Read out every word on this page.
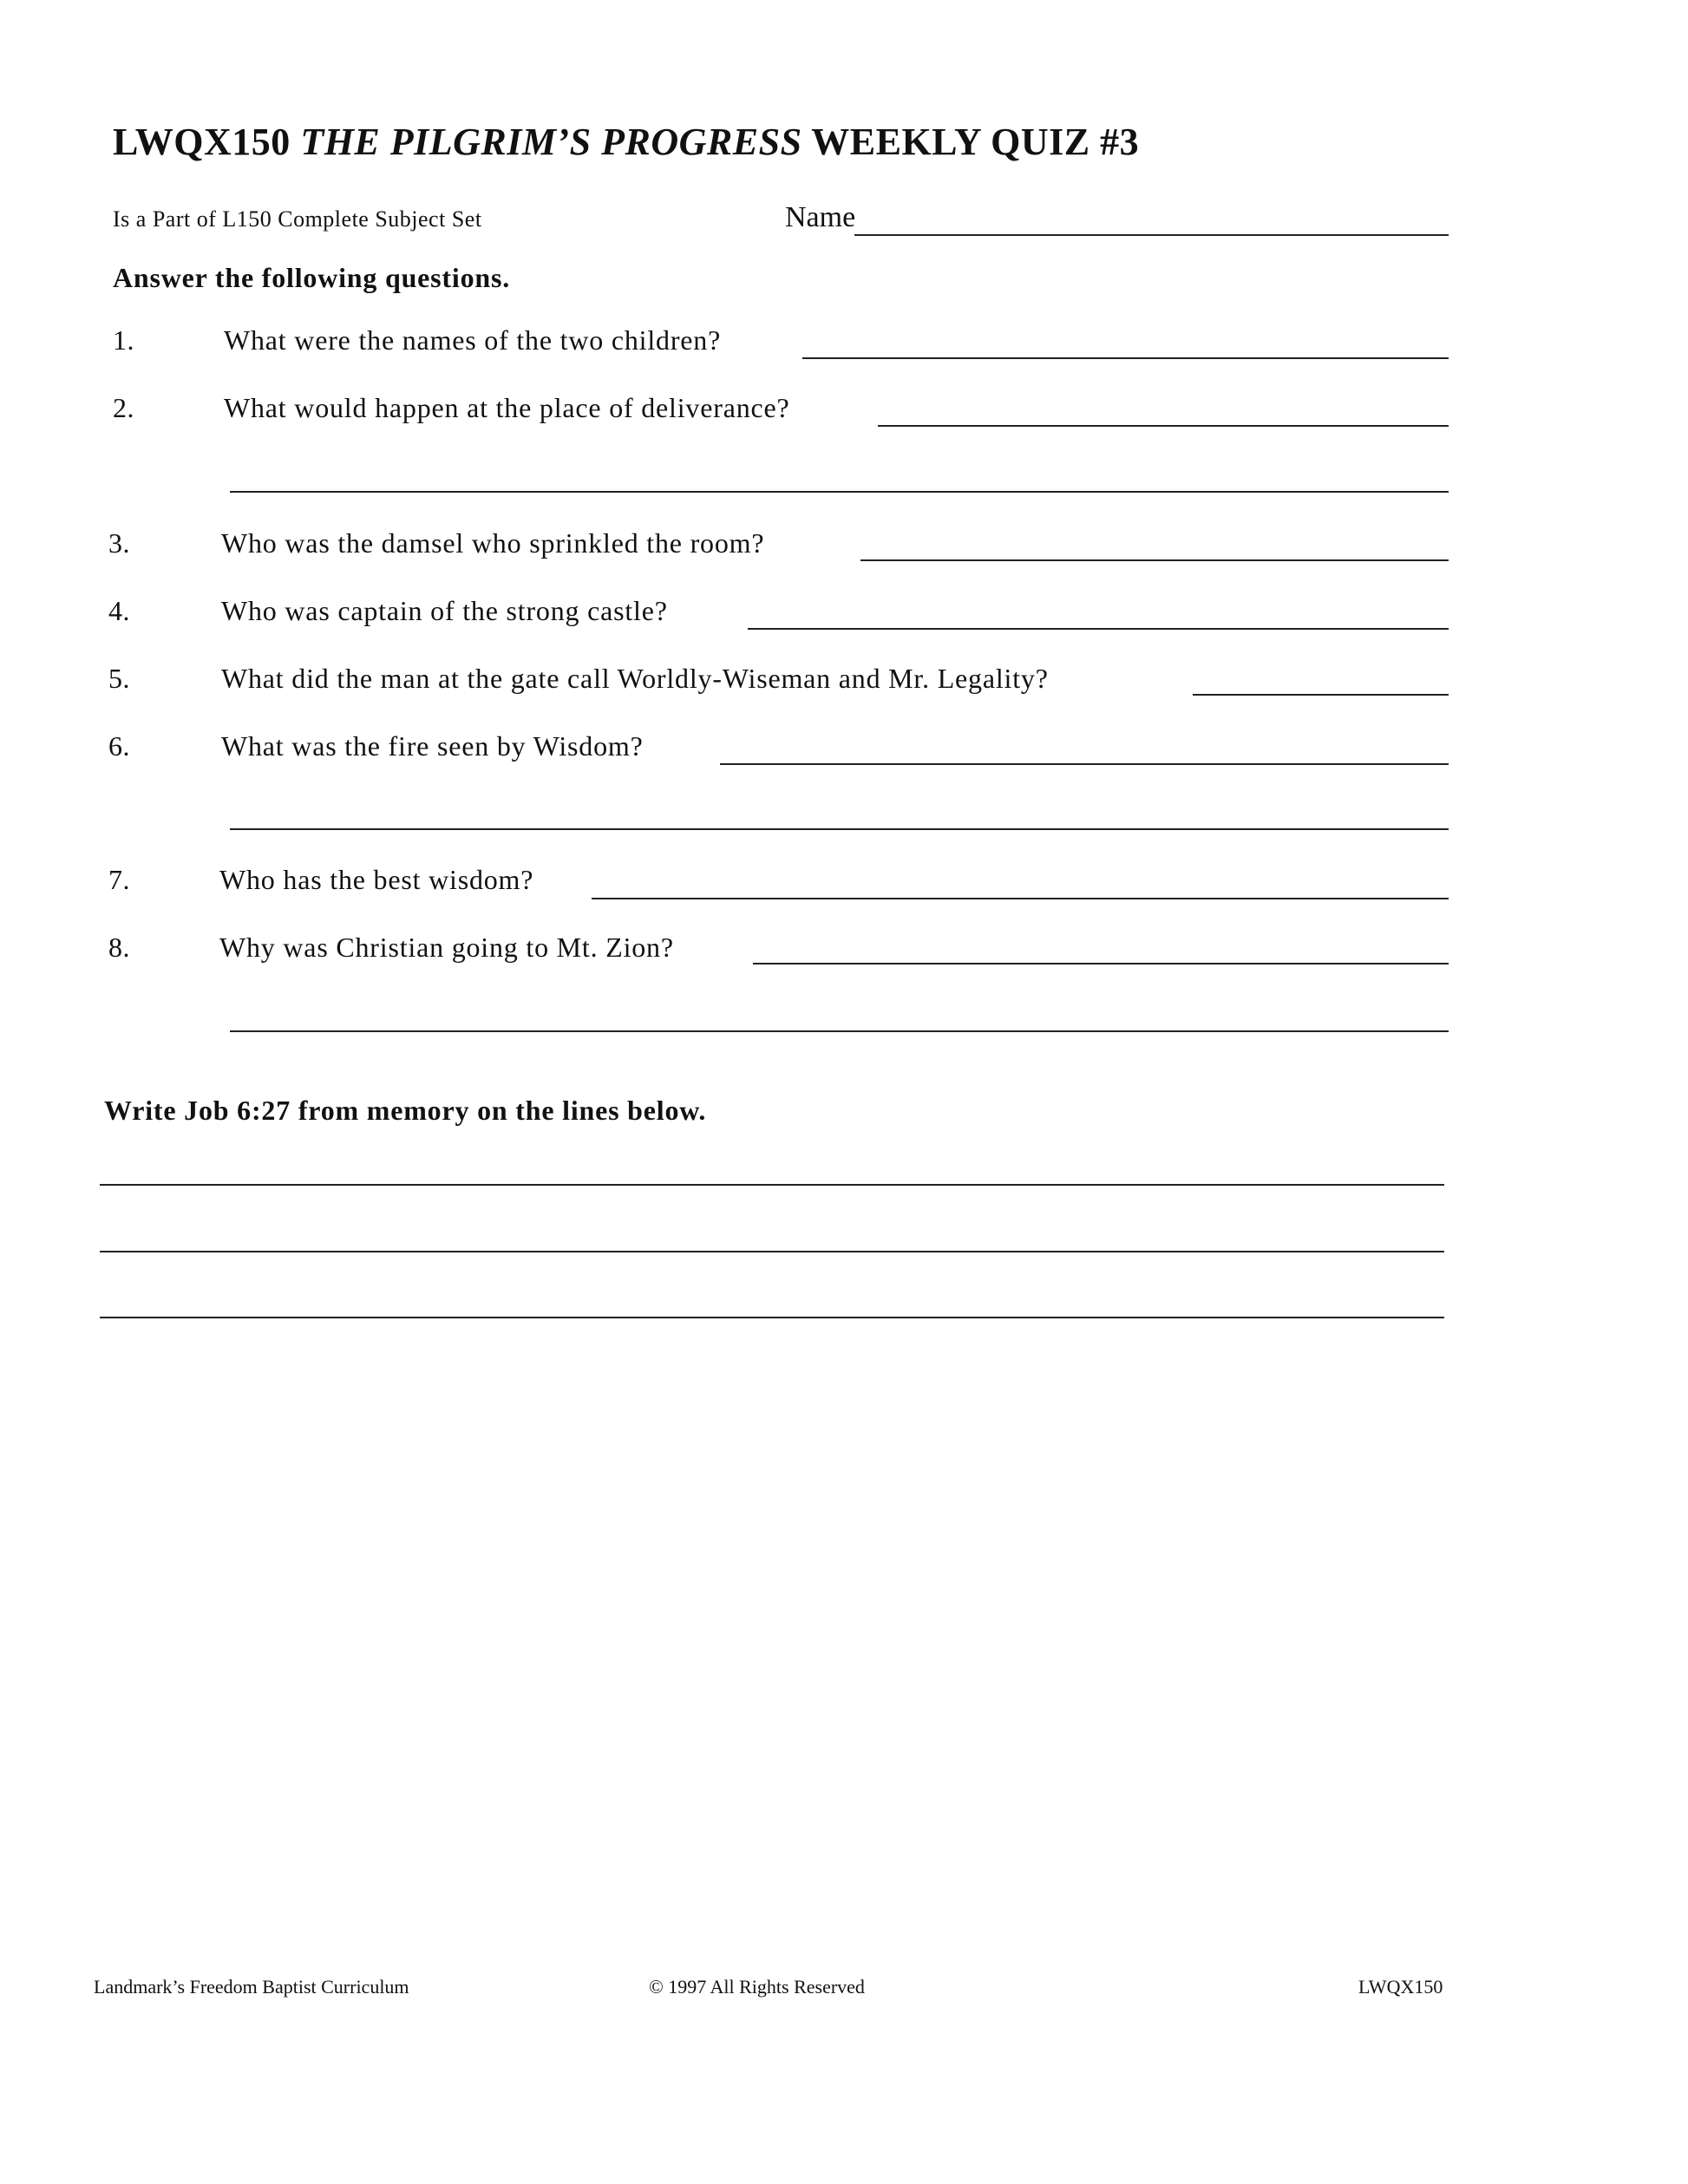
LWQX150 THE PILGRIM’S PROGRESS WEEKLY QUIZ #3
Is a Part of L150 Complete Subject Set	Name
Answer the following questions.
1.	What were the names of the two children?
2.	What would happen at the place of deliverance?
3.	Who was the damsel who sprinkled the room?
4.	Who was captain of the strong castle?
5.	What did the man at the gate call Worldly-Wiseman and Mr. Legality?
6.	What was the fire seen by Wisdom?
7.	Who has the best wisdom?
8.	Why was Christian going to Mt. Zion?
Write Job 6:27 from memory on the lines below.
Landmark’s Freedom Baptist Curriculum	© 1997 All Rights Reserved	LWQX150
